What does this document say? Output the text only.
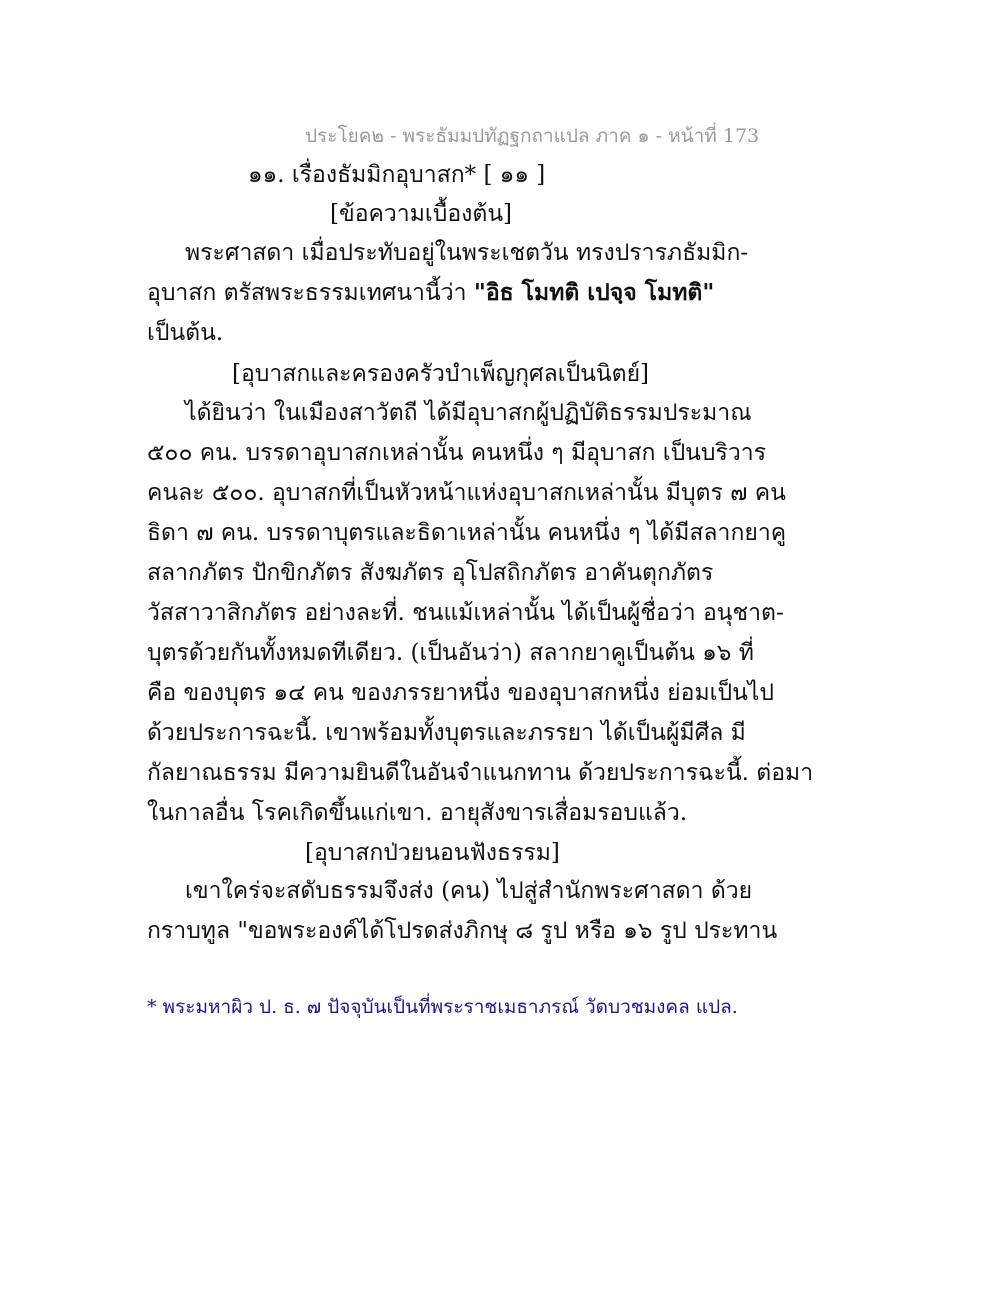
ประโยค๒ - พระธัมมปทัฏฐกถาแปล ภาค ๑ - หน้าที่ 173
๑๑. เรื่องธัมมิกอุบาสก* [ ๑๑ ]
[ข้อความเบื้องต้น]
พระศาสดา เมื่อประทับอยู่ในพระเชตวัน ทรงปรารภธัมมิก-
อุบาสก ตรัสพระธรรมเทศนานี้ว่า "อิธ โมทติ เปจฺจ โมทติ"
เป็นต้น.
[อุบาสกและครองครัวบำเพ็ญกุศลเป็นนิตย์]
ได้ยินว่า ในเมืองสาวัตถี ได้มีอุบาสกผู้ปฏิบัติธรรมประมาณ
๕๐๐ คน. บรรดาอุบาสกเหล่านั้น คนหนึ่ง ๆ มีอุบาสก เป็นบริวาร
คนละ ๕๐๐. อุบาสกที่เป็นหัวหน้าแห่งอุบาสกเหล่านั้น มีบุตร ๗ คน
ธิดา ๗ คน. บรรดาบุตรและธิดาเหล่านั้น คนหนึ่ง ๆ ได้มีสลากยาคู
สลากภัตร ปักขิกภัตร สังฆภัตร อุโปสถิกภัตร อาคันตุกภัตร
วัสสาวาสิกภัตร อย่างละที่. ชนแม้เหล่านั้น ได้เป็นผู้ชื่อว่า อนุชาต-
บุตรด้วยกันทั้งหมดทีเดียว. (เป็นอันว่า) สลากยาคูเป็นต้น ๑๖ ที่
คือ ของบุตร ๑๔ คน ของภรรยาหนึ่ง ของอุบาสกหนึ่ง ย่อมเป็นไป
ด้วยประการฉะนี้. เขาพร้อมทั้งบุตรและภรรยา ได้เป็นผู้มีศีล มี
กัลยาณธรรม มีความยินดีในอันจำแนกทาน ด้วยประการฉะนี้. ต่อมา
ในกาลอื่น โรคเกิดขึ้นแก่เขา. อายุสังขารเสื่อมรอบแล้ว.
[อุบาสกป่วยนอนฟังธรรม]
เขาใคร่จะสดับธรรมจึงส่ง (คน) ไปสู่สำนักพระศาสดา ด้วย
กราบทูล "ขอพระองค์ได้โปรดส่งภิกษุ ๘ รูป หรือ ๑๖ รูป ประทาน
* พระมหาผิว ป. ธ. ๗ ปัจจุบันเป็นที่พระราชเมธาภรณ์ วัดบวชมงคล แปล.
